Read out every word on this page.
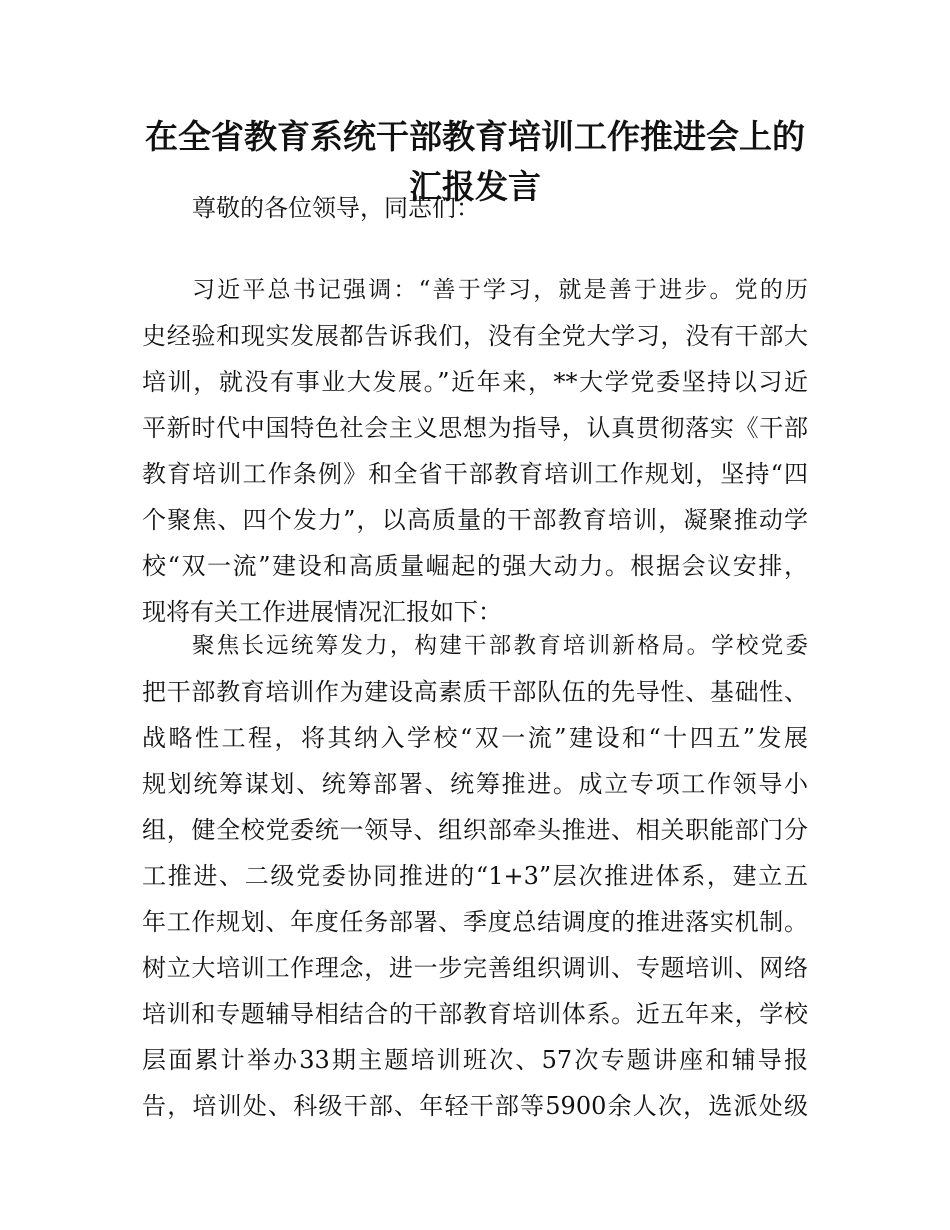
在全省教育系统干部教育培训工作推进会上的
汇报发言
尊敬的各位领导，同志们：
习近平总书记强调：“善于学习，就是善于进步。党的历
史经验和现实发展都告诉我们，没有全党大学习，没有干部大
培训，就没有事业大发展。”近年来，**大学党委坚持以习近
平新时代中国特色社会主义思想为指导，认真贯彻落实《干部
教育培训工作条例》和全省干部教育培训工作规划，坚持“四
个聚焦、四个发力”，以高质量的干部教育培训，凝聚推动学
校“双一流”建设和高质量崛起的强大动力。根据会议安排，
现将有关工作进展情况汇报如下：
聚焦长远统筹发力，构建干部教育培训新格局。学校党委
把干部教育培训作为建设高素质干部队伍的先导性、基础性、
战略性工程，将其纳入学校“双一流”建设和“十四五”发展
规划统筹谋划、统筹部署、统筹推进。成立专项工作领导小
组，健全校党委统一领导、组织部牵头推进、相关职能部门分
工推进、二级党委协同推进的“1+3”层次推进体系，建立五
年工作规划、年度任务部署、季度总结调度的推进落实机制。
树立大培训工作理念，进一步完善组织调训、专题培训、网络
培训和专题辅导相结合的干部教育培训体系。近五年来，学校
层面累计举办33期主题培训班次、57次专题讲座和辅导报
告，培训处、科级干部、年轻干部等5900余人次，选派处级
